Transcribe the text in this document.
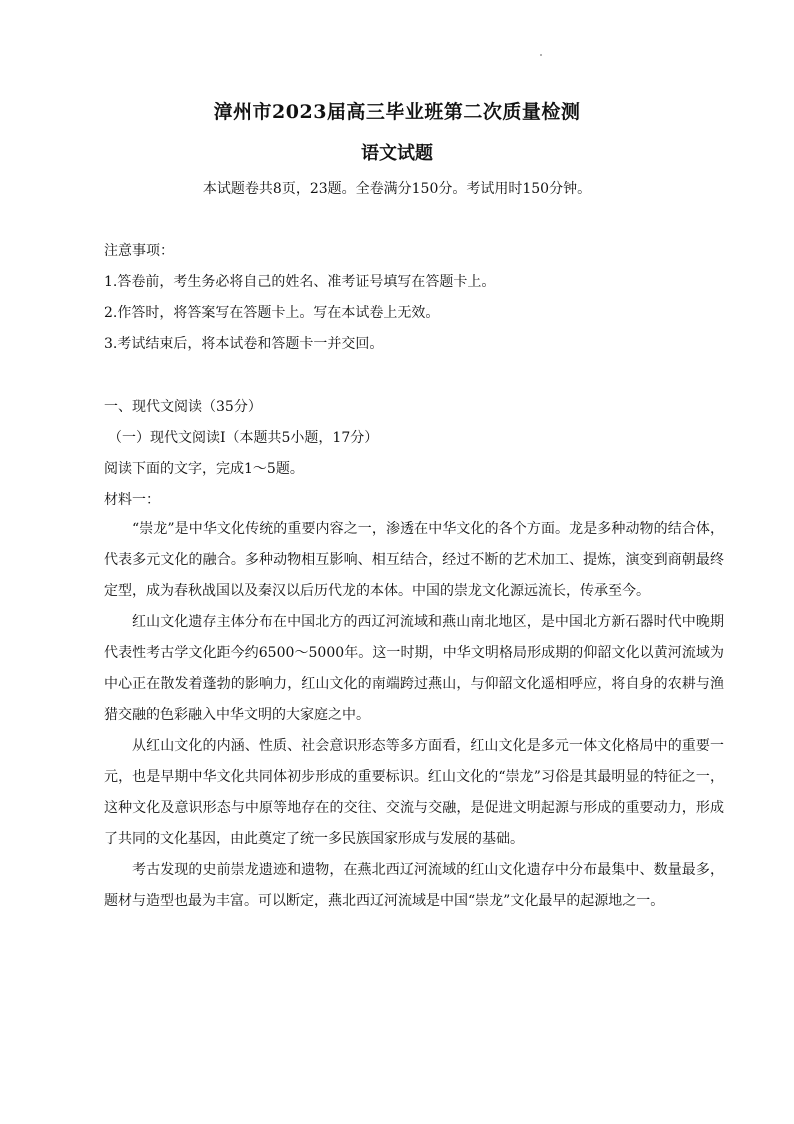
漳州市2023届高三毕业班第二次质量检测
语文试题
本试题卷共8页，23题。全卷满分150分。考试用时150分钟。
注意事项：
1.答卷前，考生务必将自己的姓名、准考证号填写在答题卡上。
2.作答时，将答案写在答题卡上。写在本试卷上无效。
3.考试结束后，将本试卷和答题卡一并交回。
一、现代文阅读（35分）
（一）现代文阅读I（本题共5小题，17分）
阅读下面的文字，完成1～5题。
材料一：

“崇龙”是中华文化传统的重要内容之一，渗透在中华文化的各个方面。龙是多种动物的结合体，代表多元文化的融合。多种动物相互影响、相互结合，经过不断的艺术加工、提炼，演变到商朝最终定型，成为春秋战国以及秦汉以后历代龙的本体。中国的崇龙文化源远流长，传承至今。

红山文化遗存主体分布在中国北方的西辽河流域和燕山南北地区，是中国北方新石器时代中晚期代表性考古学文化距今约6500～5000年。这一时期，中华文明格局形成期的仰韶文化以黄河流域为中心正在散发着蓬勃的影响力，红山文化的南端跨过燕山，与仰韶文化遥相呼应，将自身的农耕与渔猎交融的色彩融入中华文明的大家庭之中。

从红山文化的内涵、性质、社会意识形态等多方面看，红山文化是多元一体文化格局中的重要一元，也是早期中华文化共同体初步形成的重要标识。红山文化的“崇龙”习俗是其最明显的特征之一，这种文化及意识形态与中原等地存在的交往、交流与交融，是促进文明起源与形成的重要动力，形成了共同的文化基因，由此奠定了统一多民族国家形成与发展的基础。

考古发现的史前崇龙遗迹和遗物，在燕北西辽河流域的红山文化遗存中分布最集中、数量最多，题材与造型也最为丰富。可以断定，燕北西辽河流域是中国“崇龙”文化最早的起源地之一。
